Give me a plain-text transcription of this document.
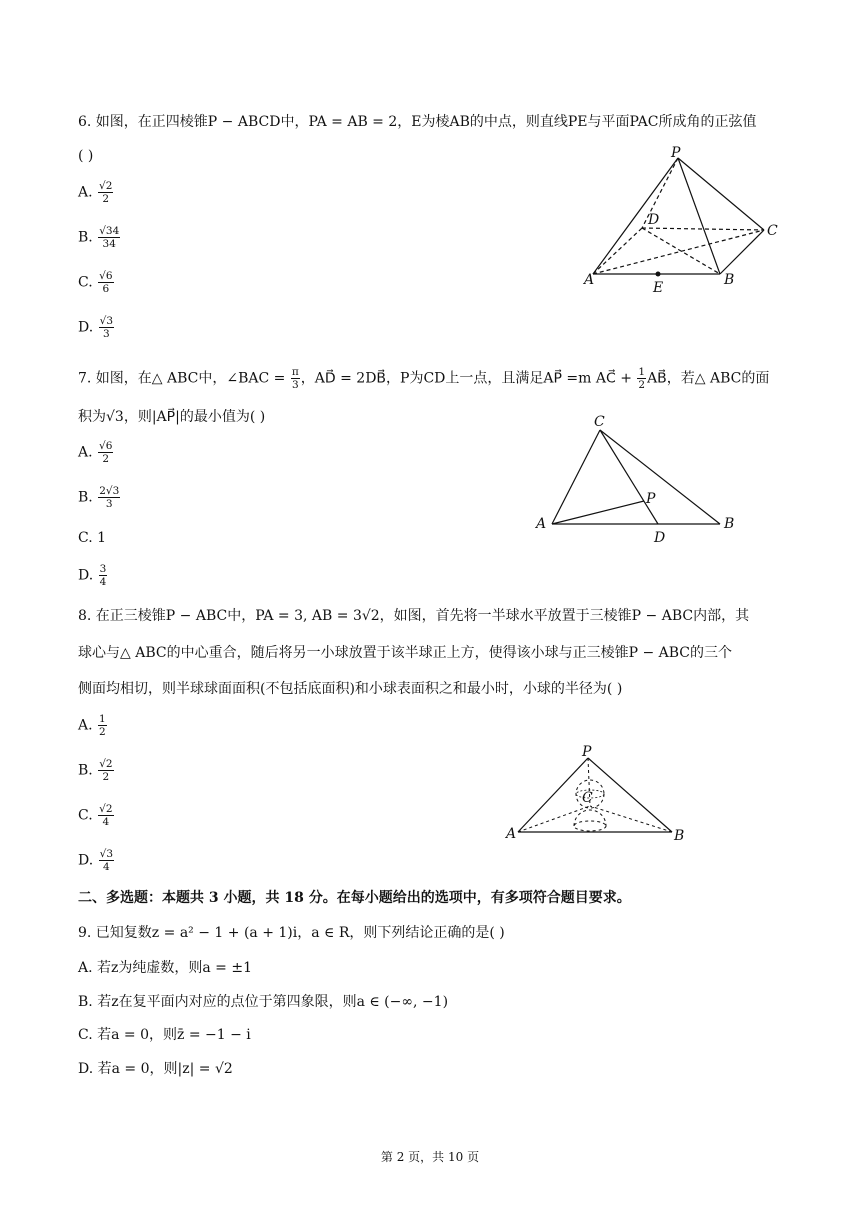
6. 如图，在正四棱锥P − ABCD中，PA = AB = 2，E为棱AB的中点，则直线PE与平面PAC所成角的正弦值
( )
A. $\frac{√2}{2}$
B. $\frac{√34}{34}$
C. $\frac{√6}{6}$
D. $\frac{√3}{3}$
P
D
C
A	B
E
7. 如图，在△ ABC中，∠BAC = $\frac{\pi}{3}$ ，AD⃗ = 2DB⃗，P为CD上一点，且满足AP⃗ =m AC⃗ + $\frac{1}{2}$ AB⃗，若△ ABC的面
积为√3，则|AP⃗|的最小值为( )
A. $\frac{√6}{2}$
B. $\frac{2√3}{3}$
C. 1
D. $\frac{3}{4}$
C
P
A
D
B
8. 在正三棱锥P − ABC中，PA = 3, AB = 3√2，如图，首先将一半球水平放置于三棱锥P − ABC内部，其
球心与△ ABC的中心重合，随后将另一小球放置于该半球正上方，使得该小球与正三棱锥P − ABC的三个
侧面均相切，则半球球面面积(不包括底面积)和小球表面积之和最小时，小球的半径为( )
A. $\frac{1}{2}$
B. $\frac{√2}{2}$
C. $\frac{√2}{4}$
D. $\frac{√3}{4}$
P
C
A	B
二、多选题：本题共 3 小题，共 18 分。在每小题给出的选项中，有多项符合题目要求。
9. 已知复数z = a² − 1 + (a + 1)i，a ∈ R，则下列结论正确的是( )
A. 若z为纯虚数，则a = ±1
B. 若z在复平面内对应的点位于第四象限，则a ∈ (−∞, −1)
C. 若a = 0，则z̄ = −1 − i
D. 若a = 0，则|z| = √2
第 2 页，共 10 页
